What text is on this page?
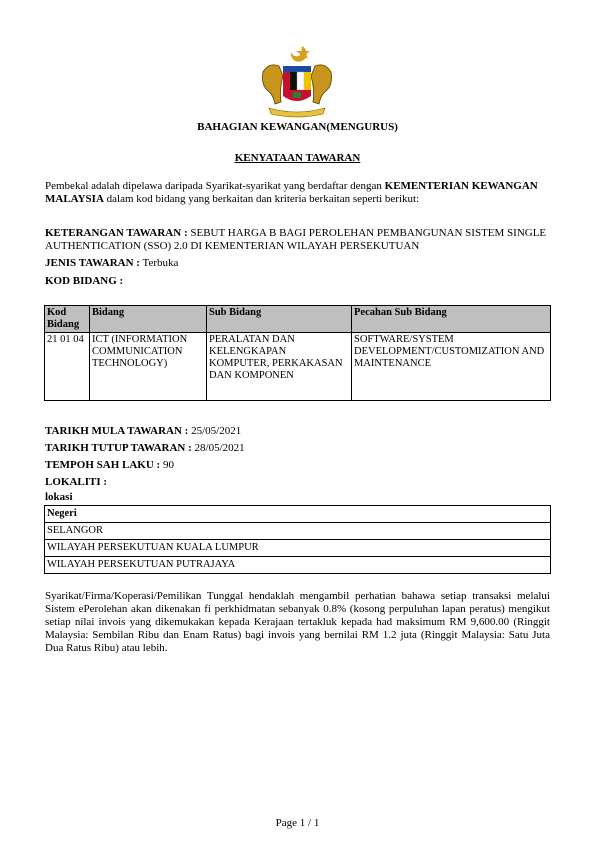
BAHAGIAN KEWANGAN(MENGURUS)
KENYATAAN TAWARAN
Pembekal adalah dipelawa daripada Syarikat-syarikat yang berdaftar dengan KEMENTERIAN KEWANGAN MALAYSIA dalam kod bidang yang berkaitan dan kriteria berkaitan seperti berikut:
KETERANGAN TAWARAN : SEBUT HARGA B BAGI PEROLEHAN PEMBANGUNAN SISTEM SINGLE AUTHENTICATION (SSO) 2.0 DI KEMENTERIAN WILAYAH PERSEKUTUAN
JENIS TAWARAN : Terbuka
KOD BIDANG :
Kod Bidang	Bidang	Sub Bidang	Pecahan Sub Bidang
21 01 04	ICT (INFORMATION COMMUNICATION TECHNOLOGY)	PERALATAN DAN KELENGKAPAN KOMPUTER, PERKAKASAN DAN KOMPONEN	SOFTWARE/SYSTEM DEVELOPMENT/CUSTOMIZATION AND MAINTENANCE
TARIKH MULA TAWARAN : 25/05/2021
TARIKH TUTUP TAWARAN : 28/05/2021
TEMPOH SAH LAKU : 90
LOKALITI :
lokasi
Negeri
SELANGOR
WILAYAH PERSEKUTUAN KUALA LUMPUR
WILAYAH PERSEKUTUAN PUTRAJAYA
Syarikat/Firma/Koperasi/Pemilikan Tunggal hendaklah mengambil perhatian bahawa setiap transaksi melalui Sistem ePerolehan akan dikenakan fi perkhidmatan sebanyak 0.8% (kosong perpuluhan lapan peratus) mengikut setiap nilai invois yang dikemukakan kepada Kerajaan tertakluk kepada had maksimum RM 9,600.00 (Ringgit Malaysia: Sembilan Ribu dan Enam Ratus) bagi invois yang bernilai RM 1.2 juta (Ringgit Malaysia: Satu Juta Dua Ratus Ribu) atau lebih.
Page 1 / 1
